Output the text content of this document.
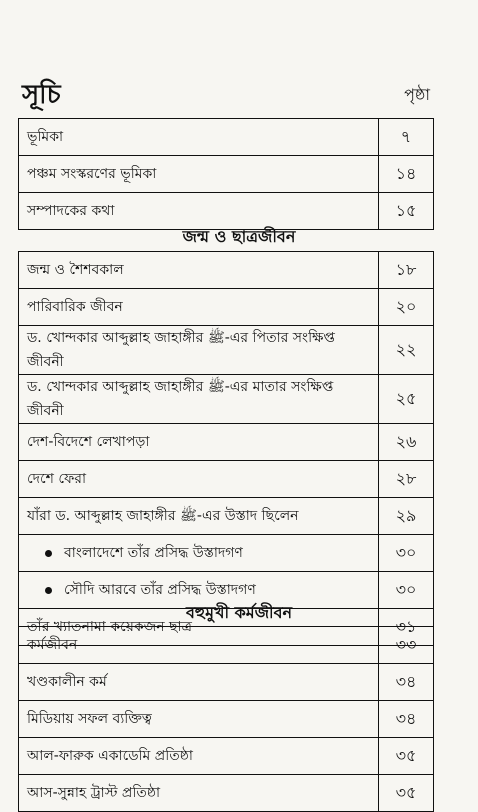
সূচি	পৃষ্ঠা
ভূমিকা	৭
পঞ্চম সংস্করণের ভূমিকা	১৪
সম্পাদকের কথা	১৫
জন্ম ও ছাত্রজীবন
জন্ম ও শৈশবকাল	১৮
পারিবারিক জীবন	২০
ড. খোন্দকার আব্দুল্লাহ জাহাঙ্গীর ﷺ-এর পিতার সংক্ষিপ্ত জীবনী	২২
ড. খোন্দকার আব্দুল্লাহ জাহাঙ্গীর ﷺ-এর মাতার সংক্ষিপ্ত জীবনী	২৫
দেশ-বিদেশে লেখাপড়া	২৬
দেশে ফেরা	২৮
যাঁরা ড. আব্দুল্লাহ জাহাঙ্গীর ﷺ-এর উস্তাদ ছিলেন	২৯
বাংলাদেশে তাঁর প্রসিদ্ধ উস্তাদগণ	৩০
সৌদি আরবে তাঁর প্রসিদ্ধ উস্তাদগণ	৩০
তাঁর খ্যাতনামা কয়েকজন ছাত্র	৩১
বহুমুখী কর্মজীবন
কর্মজীবন	৩৩
খণ্ডকালীন কর্ম	৩৪
মিডিয়ায় সফল ব্যক্তিত্ব	৩৪
আল-ফারুক একাডেমি প্রতিষ্ঠা	৩৫
আস-সুন্নাহ ট্রাস্ট প্রতিষ্ঠা	৩৫
